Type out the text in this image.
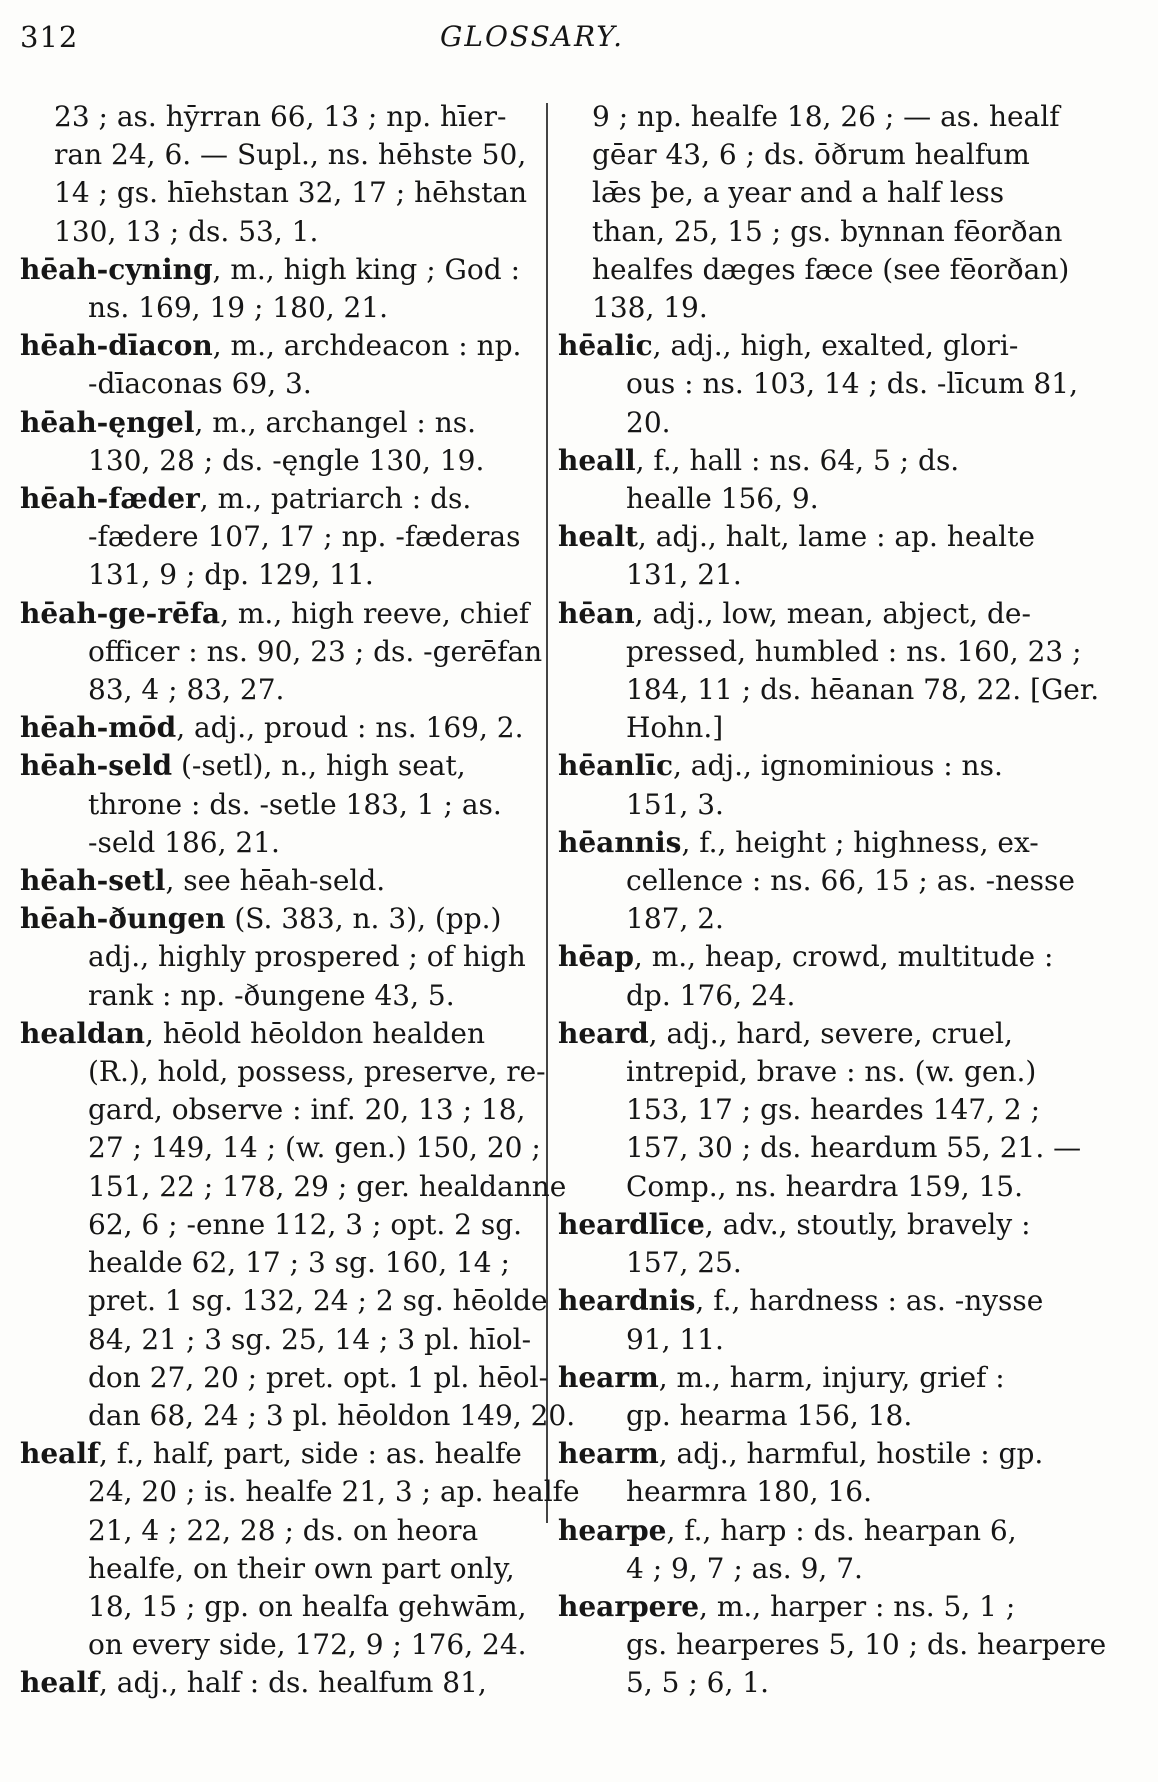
312	GLOSSARY.
23 ; as. hȳrran 66, 13 ; np. hīer-
ran 24, 6. — Supl., ns. hēhste 50,
14 ; gs. hīehstan 32, 17 ; hēhstan
130, 13 ; ds. 53, 1.
hēah-cyning, m., high king ; God :
ns. 169, 19 ; 180, 21.
hēah-dīacon, m., archdeacon : np.
-dīaconas 69, 3.
hēah-ęngel, m., archangel : ns.
130, 28 ; ds. -ęngle 130, 19.
hēah-fæder, m., patriarch : ds.
-fædere 107, 17 ; np. -fæderas
131, 9 ; dp. 129, 11.
hēah-ge-rēfa, m., high reeve, chief
officer : ns. 90, 23 ; ds. -gerēfan
83, 4 ; 83, 27.
hēah-mōd, adj., proud : ns. 169, 2.
hēah-seld (-setl), n., high seat,
throne : ds. -setle 183, 1 ; as.
-seld 186, 21.
hēah-setl, see hēah-seld.
hēah-ðungen (S. 383, n. 3), (pp.)
adj., highly prospered ; of high
rank : np. -ðungene 43, 5.
healdan, hēold hēoldon healden
(R.), hold, possess, preserve, re-
gard, observe : inf. 20, 13 ; 18,
27 ; 149, 14 ; (w. gen.) 150, 20 ;
151, 22 ; 178, 29 ; ger. healdanne
62, 6 ; -enne 112, 3 ; opt. 2 sg.
healde 62, 17 ; 3 sg. 160, 14 ;
pret. 1 sg. 132, 24 ; 2 sg. hēolde
84, 21 ; 3 sg. 25, 14 ; 3 pl. hīol-
don 27, 20 ; pret. opt. 1 pl. hēol-
dan 68, 24 ; 3 pl. hēoldon 149, 20.
healf, f., half, part, side : as. healfe
24, 20 ; is. healfe 21, 3 ; ap. healfe
21, 4 ; 22, 28 ; ds. on heora
healfe, on their own part only,
18, 15 ; gp. on healfa gehwām,
on every side, 172, 9 ; 176, 24.
healf, adj., half : ds. healfum 81,
9 ; np. healfe 18, 26 ; — as. healf
gēar 43, 6 ; ds. ōðrum healfum
lǣs þe, a year and a half less
than, 25, 15 ; gs. bynnan fēorðan
healfes dæges fæce (see fēorðan)
138, 19.
hēalic, adj., high, exalted, glori-
ous : ns. 103, 14 ; ds. -līcum 81,
20.
heall, f., hall : ns. 64, 5 ; ds.
healle 156, 9.
healt, adj., halt, lame : ap. healte
131, 21.
hēan, adj., low, mean, abject, de-
pressed, humbled : ns. 160, 23 ;
184, 11 ; ds. hēanan 78, 22. [Ger.
Hohn.]
hēanlīc, adj., ignominious : ns.
151, 3.
hēannis, f., height ; highness, ex-
cellence : ns. 66, 15 ; as. -nesse
187, 2.
hēap, m., heap, crowd, multitude :
dp. 176, 24.
heard, adj., hard, severe, cruel,
intrepid, brave : ns. (w. gen.)
153, 17 ; gs. heardes 147, 2 ;
157, 30 ; ds. heardum 55, 21. —
Comp., ns. heardra 159, 15.
heardlīce, adv., stoutly, bravely :
157, 25.
heardnis, f., hardness : as. -nysse
91, 11.
hearm, m., harm, injury, grief :
gp. hearma 156, 18.
hearm, adj., harmful, hostile : gp.
hearmra 180, 16.
hearpe, f., harp : ds. hearpan 6,
4 ; 9, 7 ; as. 9, 7.
hearpere, m., harper : ns. 5, 1 ;
gs. hearperes 5, 10 ; ds. hearpere
5, 5 ; 6, 1.
